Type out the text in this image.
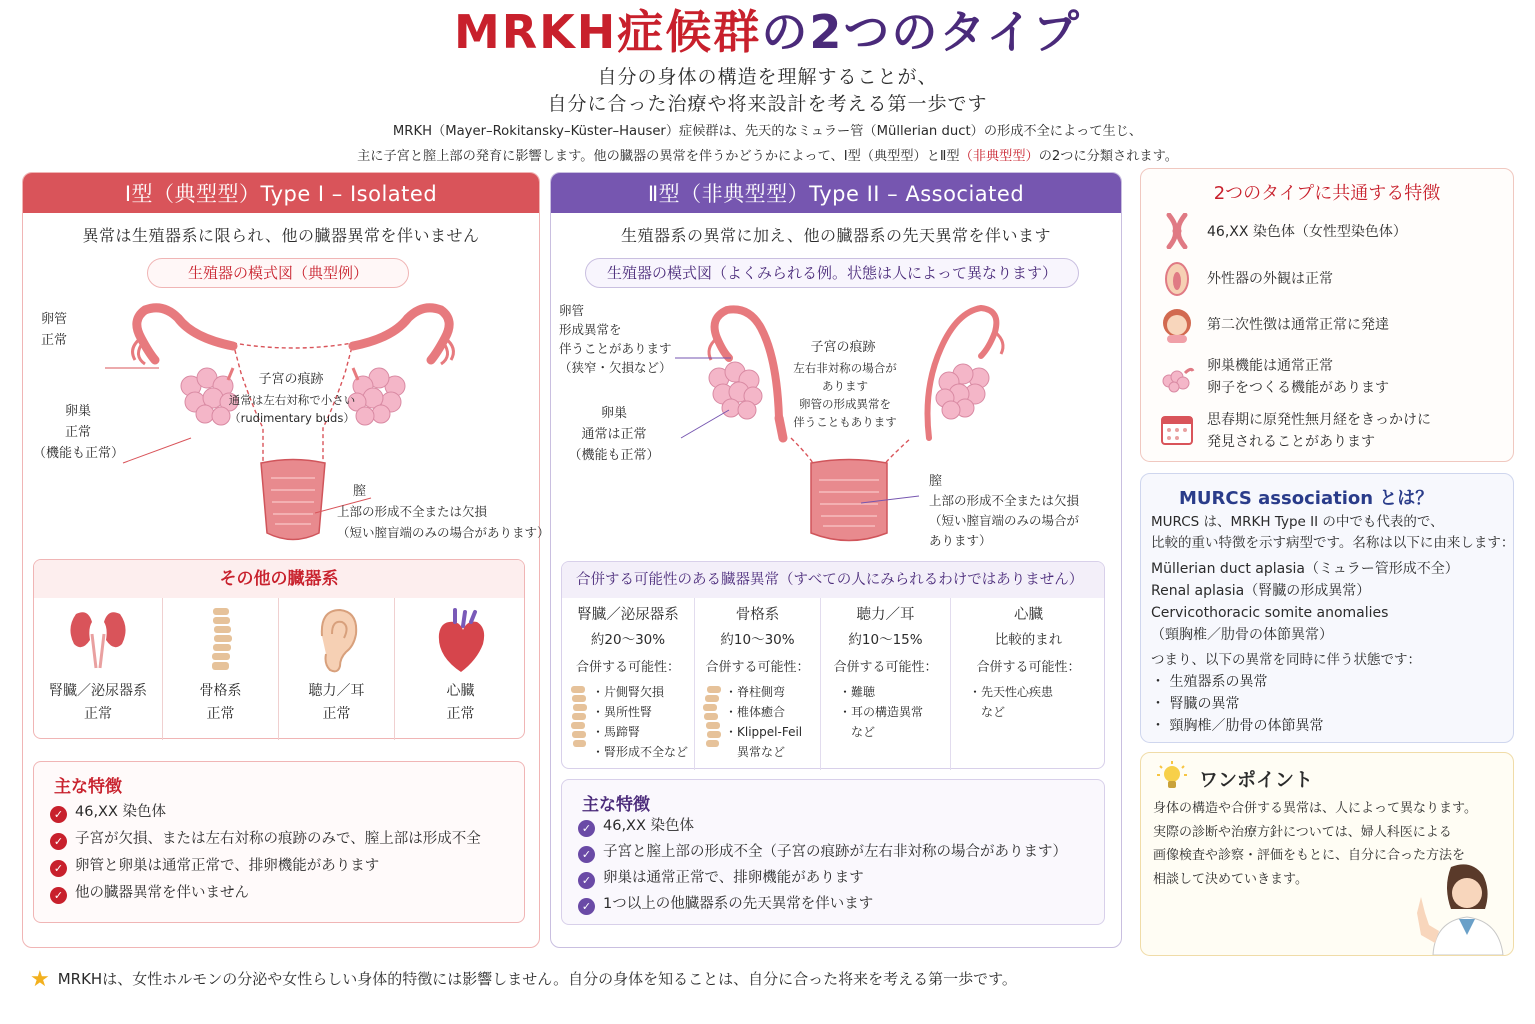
MRKH症候群の2つのタイプ
自分の身体の構造を理解することが、
自分に合った治療や将来設計を考える第一歩です
MRKH（Mayer–Rokitansky–Küster–Hauser）症候群は、先天的なミュラー管（Müllerian duct）の形成不全によって生じ、
主に子宮と膣上部の発育に影響します。他の臓器の異常を伴うかどうかによって、Ⅰ型（典型型）とⅡ型（非典型型）の2つに分類されます。
Ⅰ型（典型型）Type I – Isolated
異常は生殖器系に限られ、他の臓器異常を伴いません
生殖器の模式図（典型例）
卵管
正常
卵巣
正常
（機能も正常）
子宮の痕跡
通常は左右対称で小さい
（rudimentary buds）
膣
上部の形成不全または欠損
（短い膣盲端のみの場合があります）
その他の臓器系
腎臓／泌尿器系
正常
骨格系
正常
聴力／耳
正常
心臓
正常
主な特徴
✓ 46,XX 染色体
✓ 子宮が欠損、または左右対称の痕跡のみで、膣上部は形成不全
✓ 卵管と卵巣は通常正常で、排卵機能があります
✓ 他の臓器異常を伴いません
Ⅱ型（非典型型）Type II – Associated
生殖器系の異常に加え、他の臓器系の先天異常を伴います
生殖器の模式図（よくみられる例。状態は人によって異なります）
卵管
形成異常を
伴うことがあります
（狭窄・欠損など）
卵巣
通常は正常
（機能も正常）
子宮の痕跡
左右非対称の場合が
あります
卵管の形成異常を
伴うこともあります
膣
上部の形成不全または欠損
（短い膣盲端のみの場合が
あります）
合併する可能性のある臓器異常（すべての人にみられるわけではありません）
腎臓／泌尿器系
約20〜30%
合併する可能性：
・片側腎欠損
・異所性腎
・馬蹄腎
・腎形成不全など
骨格系
約10〜30%
合併する可能性：
・脊柱側弯
・椎体癒合
・Klippel-Feil
　異常など
聴力／耳
約10〜15%
合併する可能性：
・難聴
・耳の構造異常
　など
心臓
比較的まれ
合併する可能性：
・先天性心疾患
　など
主な特徴
✓ 46,XX 染色体
✓ 子宮と膣上部の形成不全（子宮の痕跡が左右非対称の場合があります）
✓ 卵巣は通常正常で、排卵機能があります
✓ 1つ以上の他臓器系の先天異常を伴います
2つのタイプに共通する特徴
46,XX 染色体（女性型染色体）
外性器の外観は正常
第二次性徴は通常正常に発達
卵巣機能は通常正常
卵子をつくる機能があります
思春期に原発性無月経をきっかけに
発見されることがあります
MURCS association とは？
MURCS は、MRKH Type II の中でも代表的で、
比較的重い特徴を示す病型です。名称は以下に由来します：
Müllerian duct aplasia（ミュラー管形成不全）
Renal aplasia（腎臓の形成異常）
Cervicothoracic somite anomalies
（頸胸椎／肋骨の体節異常）
つまり、以下の異常を同時に伴う状態です：
・ 生殖器系の異常
・ 腎臓の異常
・ 頸胸椎／肋骨の体節異常
ワンポイント
身体の構造や合併する異常は、人によって異なります。
実際の診断や治療方針については、婦人科医による
画像検査や診察・評価をもとに、自分に合った方法を
相談して決めていきます。
★ MRKHは、女性ホルモンの分泌や女性らしい身体的特徴には影響しません。自分の身体を知ることは、自分に合った将来を考える第一歩です。
